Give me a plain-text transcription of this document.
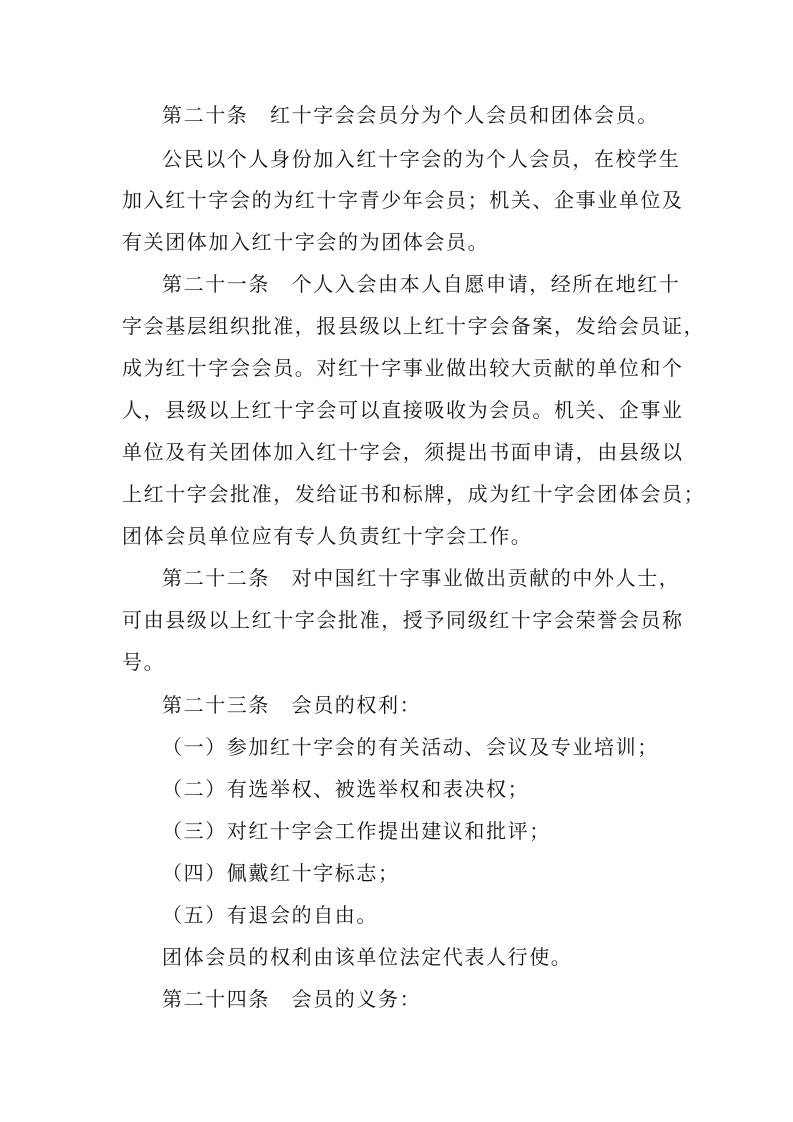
第二十条　红十字会会员分为个人会员和团体会员。
公民以个人身份加入红十字会的为个人会员，在校学生
加入红十字会的为红十字青少年会员；机关、企事业单位及
有关团体加入红十字会的为团体会员。
第二十一条　个人入会由本人自愿申请，经所在地红十
字会基层组织批准，报县级以上红十字会备案，发给会员证，
成为红十字会会员。对红十字事业做出较大贡献的单位和个
人，县级以上红十字会可以直接吸收为会员。机关、企事业
单位及有关团体加入红十字会，须提出书面申请，由县级以
上红十字会批准，发给证书和标牌，成为红十字会团体会员；
团体会员单位应有专人负责红十字会工作。
第二十二条　对中国红十字事业做出贡献的中外人士，
可由县级以上红十字会批准，授予同级红十字会荣誉会员称
号。
第二十三条　会员的权利：
（一）参加红十字会的有关活动、会议及专业培训；
（二）有选举权、被选举权和表决权；
（三）对红十字会工作提出建议和批评；
（四）佩戴红十字标志；
（五）有退会的自由。
团体会员的权利由该单位法定代表人行使。
第二十四条　会员的义务：
